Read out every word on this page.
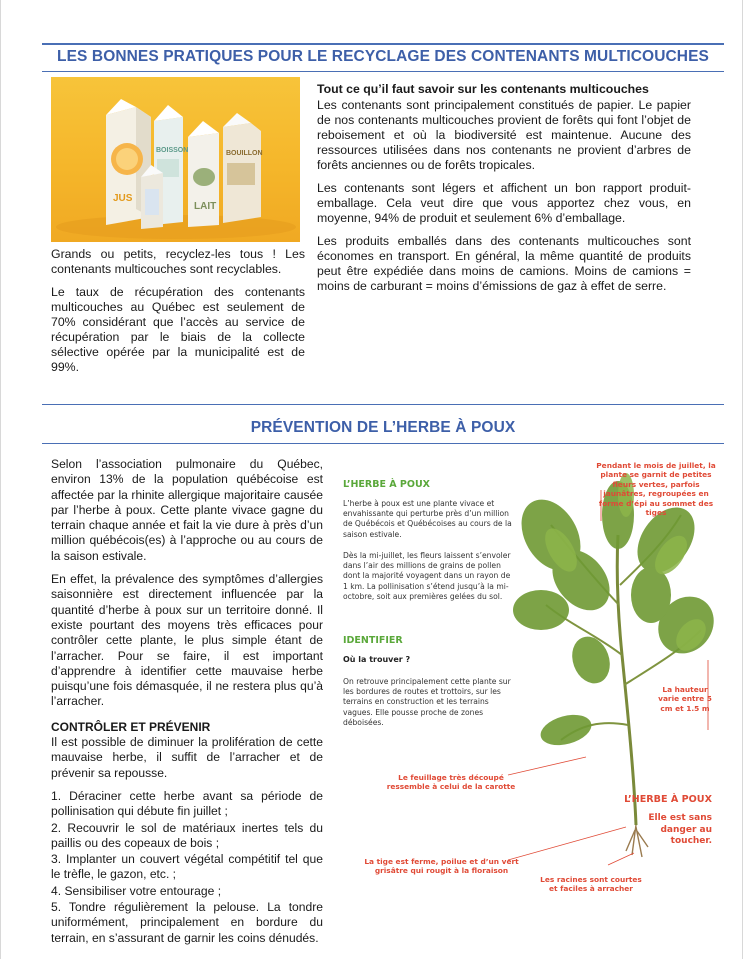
LES BONNES PRATIQUES POUR LE RECYCLAGE DES CONTENANTS MULTICOUCHES
JUS
BOISSON
LAIT
BOUILLON

Grands ou petits, recyclez-les tous ! Les contenants multicouches sont recyclables.

Le taux de récupération des contenants multicouches au Québec est seulement de 70% considérant que l’accès au service de récupération par le biais de la collecte sélective opérée par la municipalité est de 99%.

Tout ce qu’il faut savoir sur les contenants multicouches

Les contenants sont principalement constitués de papier. Le papier de nos contenants multicouches provient de forêts qui font l’objet de reboisement et où la biodiversité est maintenue. Aucune des ressources utilisées dans nos contenants ne provient d’arbres de forêts anciennes ou de forêts tropicales.

Les contenants sont légers et affichent un bon rapport produit-emballage. Cela veut dire que vous apportez chez vous, en moyenne, 94% de produit et seulement 6% d’emballage.

Les produits emballés dans des contenants multicouches sont économes en transport. En général, la même quantité de produits peut être expédiée dans moins de camions. Moins de camions = moins de carburant = moins d’émissions de gaz à effet de serre.

PRÉVENTION DE L’HERBE À POUX

Selon l’association pulmonaire du Québec, environ 13% de la population québécoise est affectée par la rhinite allergique majoritaire causée par l’herbe à poux. Cette plante vivace gagne du terrain chaque année et fait la vie dure à près d’un million québécois(es) à l’approche ou au cours de la saison estivale.

En effet, la prévalence des symptômes d’allergies saisonnière est directement influencée par la quantité d’herbe à poux sur un territoire donné. Il existe pourtant des moyens très efficaces pour contrôler cette plante, le plus simple étant de l’arracher. Pour se faire, il est important d’apprendre à identifier cette mauvaise herbe puisqu’une fois démasquée, il ne restera plus qu’à l’arracher.

CONTRÔLER ET PRÉVENIR

Il est possible de diminuer la prolifération de cette mauvaise herbe, il suffit de l’arracher et de prévenir sa repousse.

1. Déraciner cette herbe avant sa période de pollinisation qui débute fin juillet ;
2. Recouvrir le sol de matériaux inertes tels du paillis ou des copeaux de bois ;
3. Implanter un couvert végétal compétitif tel que le trèfle, le gazon, etc. ;
4. Sensibiliser votre entourage ;
5. Tondre régulièrement la pelouse. La tondre uniformément, principalement en bordure du terrain, en s’assurant de garnir les coins dénudés.
L’HERBE À POUX
L’herbe à poux est une plante vivace et envahissante qui perturbe près d’un million de Québécois et Québécoises au cours de la saison estivale.
Dès la mi-juillet, les fleurs laissent s’envoler dans l’air des millions de grains de pollen dont la majorité voyagent dans un rayon de 1 km. La pollinisation s’étend jusqu’à la mi-octobre, soit aux premières gelées du sol.
IDENTIFIER
Où la trouver ?
On retrouve principalement cette plante sur les bordures de routes et trottoirs, sur les terrains en construction et les terrains vagues. Elle pousse proche de zones déboisées.
Pendant le mois de juillet, la plante se garnit de petites fleurs vertes, parfois jaunâtres, regroupées en forme d’épi au sommet des tiges
La hauteur varie entre 5 cm et 1.5 m
Le feuillage très découpé ressemble à celui de la carotte
L’HERBE À POUX
Elle est sans danger au toucher.
La tige est ferme, poilue et d’un vert grisâtre qui rougit à la floraison
Les racines sont courtes et faciles à arracher
